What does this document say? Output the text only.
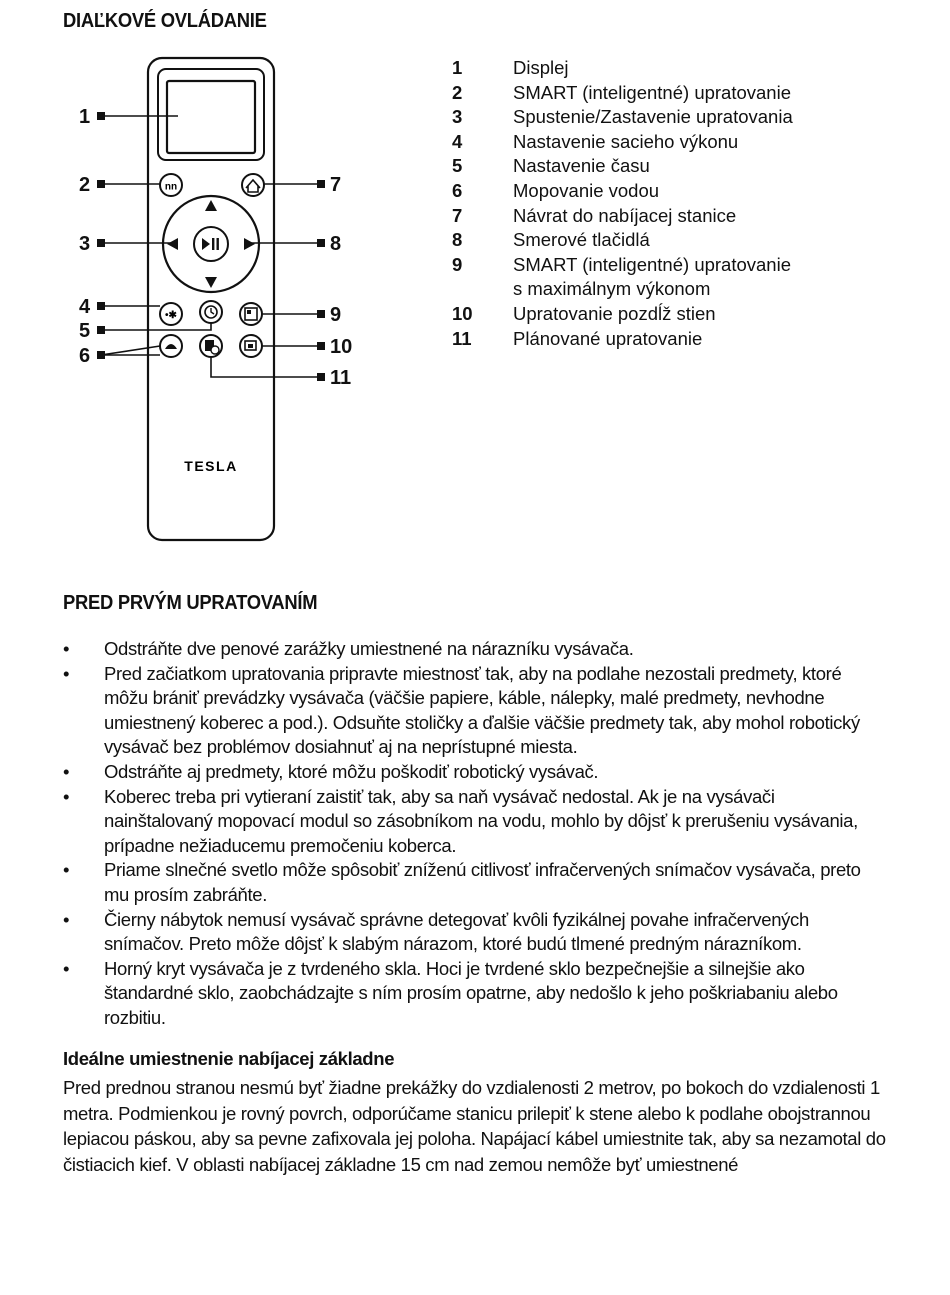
DIAĽKOVÉ OVLÁDANIE
nn
•✱
TESLA
1
2
3
4
5
6
7
8
9
10
11
1	Displej
2	SMART (inteligentné) upratovanie
3	Spustenie/Zastavenie upratovania
4	Nastavenie sacieho výkonu
5	Nastavenie času
6	Mopovanie vodou
7	Návrat do nabíjacej stanice
8	Smerové tlačidlá
9	SMART (inteligentné) upratovanie s maximálnym výkonom
10	Upratovanie pozdĺž stien
11	Plánované upratovanie
PRED PRVÝM UPRATOVANÍM
• Odstráňte dve penové zarážky umiestnené na nárazníku vysávača.
• Pred začiatkom upratovania pripravte miestnosť tak, aby na podlahe nezostali predmety, ktoré môžu brániť prevádzky vysávača (väčšie papiere, káble, nálepky, malé predmety, nevhodne umiestnený koberec a pod.). Odsuňte stoličky a ďalšie väčšie predmety tak, aby mohol robotický vysávač bez problémov dosiahnuť aj na neprístupné miesta.
• Odstráňte aj predmety, ktoré môžu poškodiť robotický vysávač.
• Koberec treba pri vytieraní zaistiť tak, aby sa naň vysávač nedostal. Ak je na vysávači nainštalovaný mopovací modul so zásobníkom na vodu, mohlo by dôjsť k prerušeniu vysávania, prípadne nežiaducemu premočeniu koberca.
• Priame slnečné svetlo môže spôsobiť zníženú citlivosť infračervených snímačov vysávača, preto mu prosím zabráňte.
• Čierny nábytok nemusí vysávač správne detegovať kvôli fyzikálnej povahe infračervených snímačov. Preto môže dôjsť k slabým nárazom, ktoré budú tlmené predným nárazníkom.
• Horný kryt vysávača je z tvrdeného skla. Hoci je tvrdené sklo bezpečnejšie a silnejšie ako štandardné sklo, zaobchádzajte s ním prosím opatrne, aby nedošlo k jeho poškriabaniu alebo rozbitiu.
Ideálne umiestnenie nabíjacej základne
Pred prednou stranou nesmú byť žiadne prekážky do vzdialenosti 2 metrov, po bokoch do vzdialenosti 1 metra. Podmienkou je rovný povrch, odporúčame stanicu prilepiť k stene alebo k podlahe obojstrannou lepiacou páskou, aby sa pevne zafixovala jej poloha. Napájací kábel umiestnite tak, aby sa nezamotal do čistiacich kief. V oblasti nabíjacej základne 15 cm nad zemou nemôže byť umiestnené
